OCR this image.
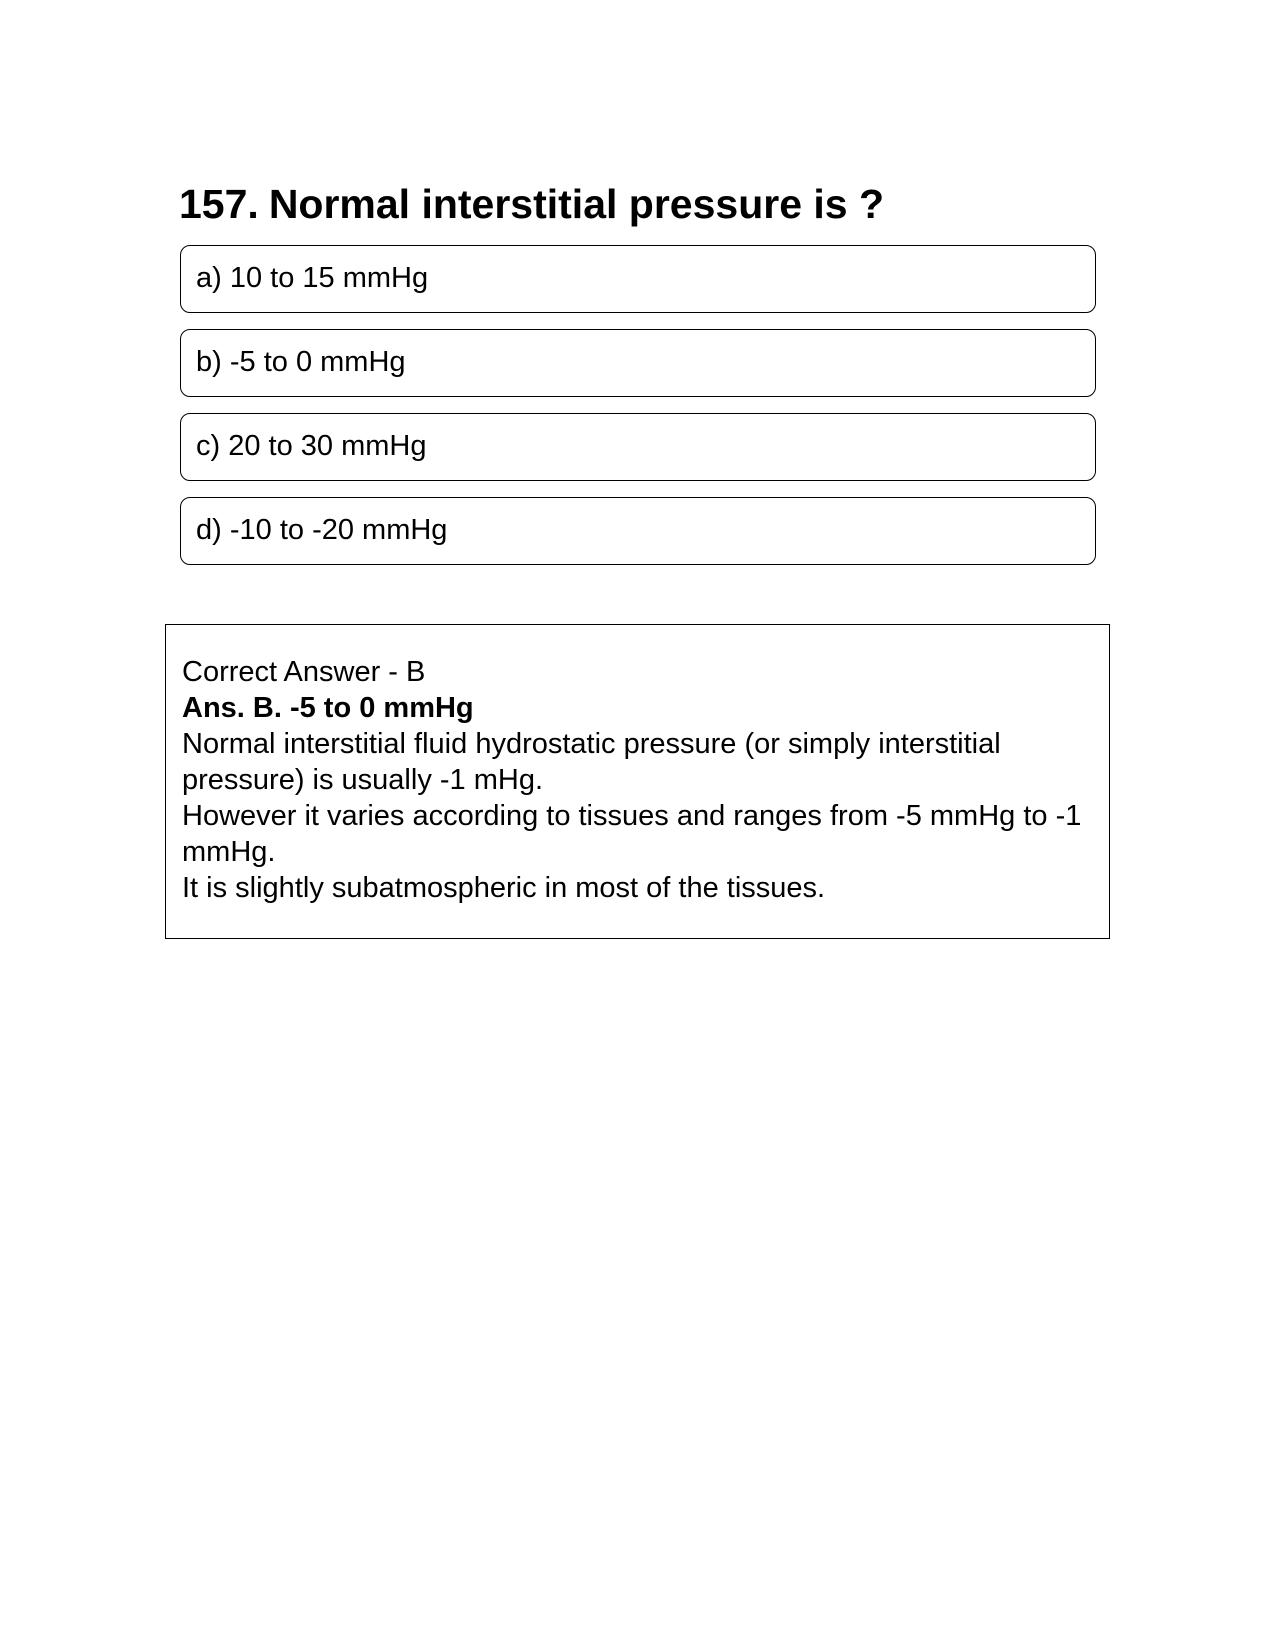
157. Normal interstitial pressure is ?
a) 10 to 15 mmHg
b) -5 to 0 mmHg
c) 20 to 30 mmHg
d) -10 to -20 mmHg

Correct Answer - B

Ans. B. -5 to 0 mmHg

Normal interstitial fluid hydrostatic pressure (or simply interstitial pressure) is usually -1 mHg.

However it varies according to tissues and ranges from -5 mmHg to -1 mmHg.

It is slightly subatmospheric in most of the tissues.
